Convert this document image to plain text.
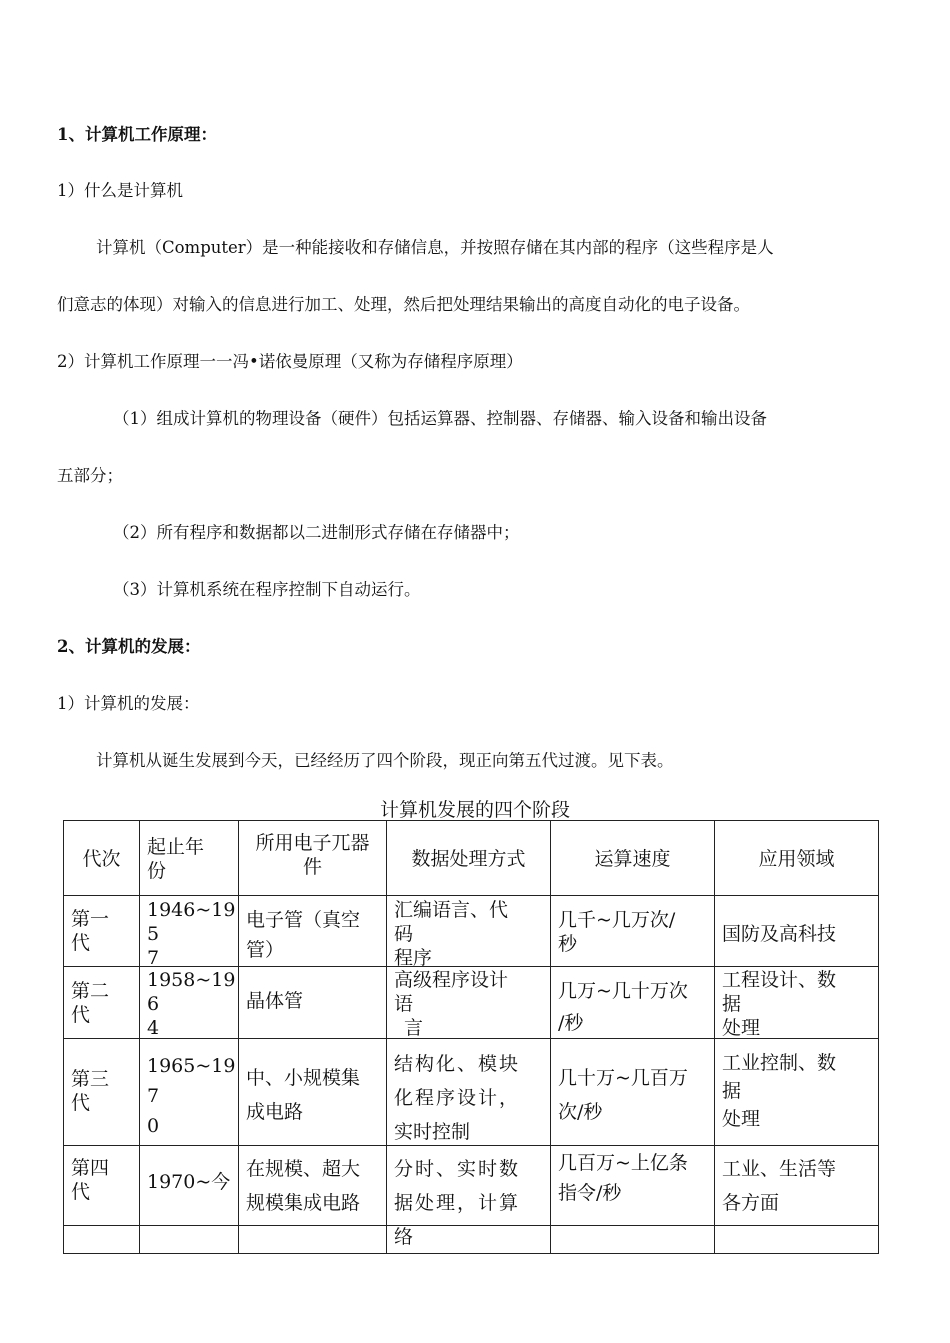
1、计算机工作原理：
1）什么是计算机
计算机（Computer）是一种能接收和存储信息，并按照存储在其内部的程序（这些程序是人
们意志的体现）对输入的信息进行加工、处理，然后把处理结果输出的高度自动化的电子设备。
2）计算机工作原理一一冯•诺依曼原理（又称为存储程序原理）
（1）组成计算机的物理设备（硬件）包括运算器、控制器、存储器、输入设备和输出设备
五部分；
（2）所有程序和数据都以二进制形式存储在存储器中；
（3）计算机系统在程序控制下自动运行。
2、计算机的发展：
1）计算机的发展：
计算机从诞生发展到今天，已经经历了四个阶段，现正向第五代过渡。见下表。
计算机发展的四个阶段
代次	起止年
份	所用电子兀器
件	数据处理方式	运算速度	应用领域

第一
代	1946~19
5
7	电子管（真空
管）	汇编语言、代
码
程序	几千~几万次/
秒	国防及高科技

第二
代	1958~19
6
4	晶体管	高级程序设计
语
言	几万~几十万次
/秒	工程设计、数
据
处理

第三
代	1965~19
7
0	中、小规模集
成电路	结构化、模块
化程序设计，
实时控制	几十万~几百万
次/秒	工业控制、数
据
处理

第四
代	1970~今	在规模、超大
规模集成电路	分时、实时数
据处理，计算
络	几百万~上亿条
指令/秒	工业、生活等
各方面
